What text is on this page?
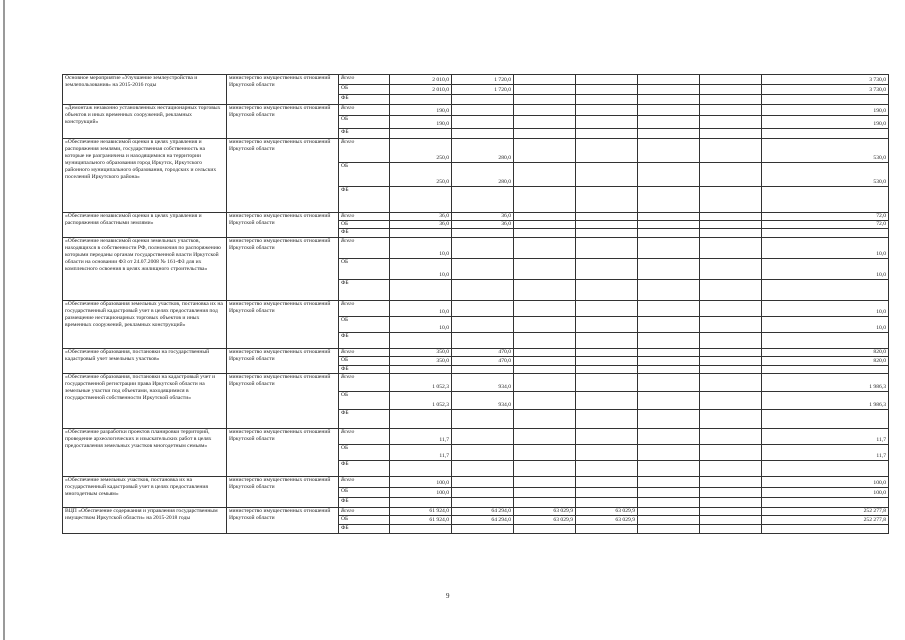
Основное мероприятие «Улучшение землеустройства и землепользования» на 2015-2016 годы	министерство имущественных отношений Иркутской области	Всего	2 010,0	1 720,0					3 730,0
		ОБ	2 010,0	1 720,0					3 730,0
		ФБ							
«Демонтаж незаконно установленных нестационарных торговых объектов и иных временных сооружений, рекламных конструкций»	министерство имущественных отношений Иркутской области	Всего	190,0						190,0
		ОБ	190,0						190,0
		ФБ							
«Обеспечение независимой оценки в целях управления и распоряжения землями, государственная собственность на которые не разграничена и находящимися на территории муниципального образования город Иркутск, Иркутского районного муниципального образования, городских и сельских поселений Иркутского района»	министерство имущественных отношений Иркутской области	Всего	250,0	280,0					530,0
		ОБ	250,0	280,0					530,0
		ФБ							
«Обеспечение независимой оценки в целях управления и распоряжения областными землями»	министерство имущественных отношений Иркутской области	Всего	36,0	36,0					72,0
		ОБ	36,0	36,0					72,0
		ФБ							
«Обеспечение независимой оценки земельных участков, находящихся в собственности РФ, полномочия по распоряжению которыми переданы органам государственной власти Иркутской области на основании ФЗ от 24.07.2008 № 161-ФЗ для их комплексного освоения в целях жилищного строительства»	министерство имущественных отношений Иркутской области	Всего	10,0						10,0
		ОБ	10,0						10,0
		ФБ							
«Обеспечение образования земельных участков, постановка их на государственный кадастровый учет в целях предоставления под размещение нестационарных торговых объектов и иных временных сооружений, рекламных конструкций»	министерство имущественных отношений Иркутской области	Всего	10,0						10,0
		ОБ	10,0						10,0
		ФБ							
«Обеспечение образования, постановки на государственный кадастровый учет земельных участков»	министерство имущественных отношений Иркутской области	Всего	350,0	470,0					820,0
		ОБ	350,0	470,0					820,0
		ФБ							
«Обеспечение образования, постановки на кадастровый учет и государственной регистрации права Иркутской области на земельные участки под объектами, находящимися в государственной собственности Иркутской области»	министерство имущественных отношений Иркутской области	Всего	1 052,3	934,0					1 986,3
		ОБ	1 052,3	934,0					1 986,3
		ФБ							
«Обеспечение разработки проектов планировки территорий, проведение археологических и изыскательских работ в целях предоставления земельных участков многодетным семьям»	министерство имущественных отношений Иркутской области	Всего	11,7						11,7
		ОБ	11,7						11,7
		ФБ							
«Обеспечение земельных участков, постановка их на государственный кадастровый учет в целях предоставления многодетным семьям»	министерство имущественных отношений Иркутской области	Всего	100,0						100,0
		ОБ	100,0						100,0
		ФБ							
ВЦП «Обеспечение содержания и управления государственным имуществом Иркутской области» на 2015-2018 годы	министерство имущественных отношений Иркутской области	Всего	61 924,0	64 294,0	63 029,9	63 029,9			252 277,8
		ОБ	61 924,0	64 294,0	63 029,9	63 029,9			252 277,8
		ФБ							
9
